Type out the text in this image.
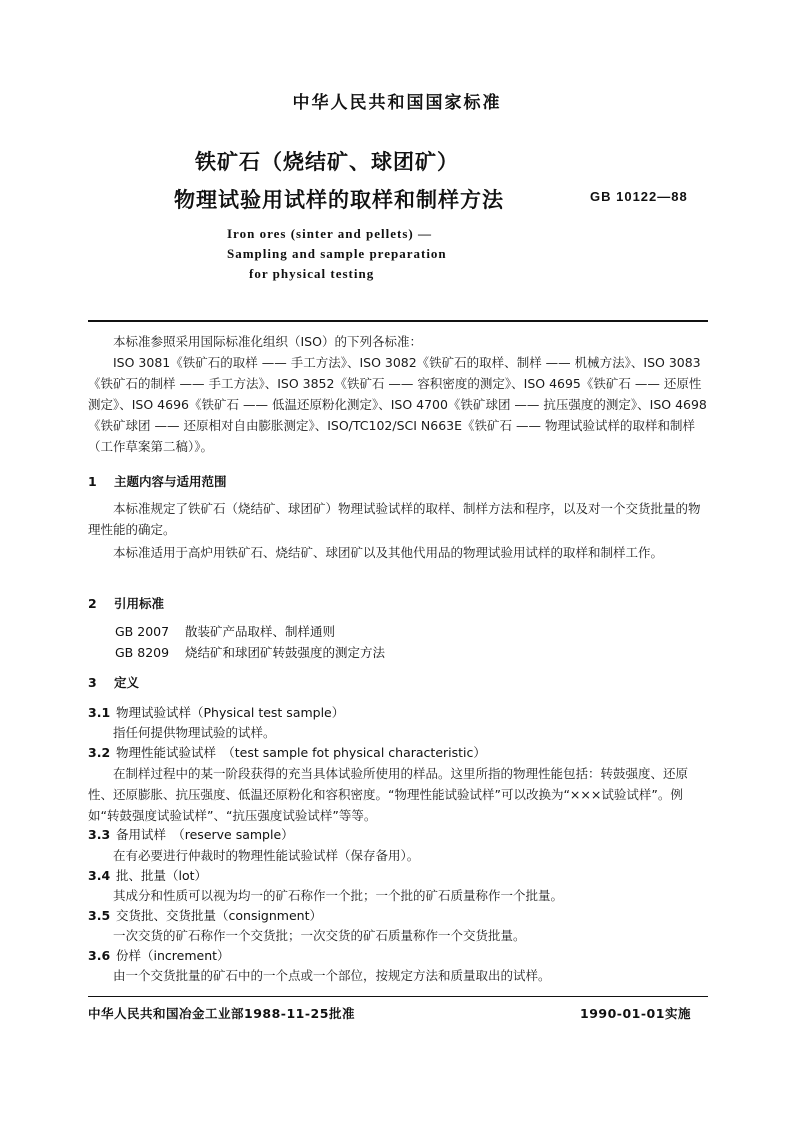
中华人民共和国国家标准
铁矿石（烧结矿、球团矿）
物理试验用试样的取样和制样方法	GB 10122—88
Iron ores (sinter and pellets) —
Sampling and sample preparation
for physical testing
本标准参照采用国际标准化组织（ISO）的下列各标准：
ISO 3081《铁矿石的取样 —— 手工方法》、ISO 3082《铁矿石的取样、制样 —— 机械方法》、ISO 3083《铁矿石的制样 —— 手工方法》、ISO 3852《铁矿石 —— 容积密度的测定》、ISO 4695《铁矿石 —— 还原性测定》、ISO 4696《铁矿石 —— 低温还原粉化测定》、ISO 4700《铁矿球团 —— 抗压强度的测定》、ISO 4698《铁矿球团 —— 还原相对自由膨胀测定》、ISO/TC102/SCI N663E《铁矿石 —— 物理试验试样的取样和制样（工作草案第二稿）》。
1 主题内容与适用范围
本标准规定了铁矿石（烧结矿、球团矿）物理试验试样的取样、制样方法和程序，以及对一个交货批量的物理性能的确定。
本标准适用于高炉用铁矿石、烧结矿、球团矿以及其他代用品的物理试验用试样的取样和制样工作。
2 引用标准
GB 2007 散装矿产品取样、制样通则
GB 8209 烧结矿和球团矿转鼓强度的测定方法
3 定义
3.1 物理试验试样（Physical test sample）
指任何提供物理试验的试样。
3.2 物理性能试验试样　（test sample fot physical characteristic）
在制样过程中的某一阶段获得的充当具体试验所使用的样品。这里所指的物理性能包括：转鼓强度、还原性、还原膨胀、抗压强度、低温还原粉化和容积密度。“物理性能试验试样”可以改换为“×××试验试样”。例如“转鼓强度试验试样”、“抗压强度试验试样”等等。
3.3 备用试样　（reserve sample）
在有必要进行仲裁时的物理性能试验试样（保存备用）。
3.4 批、批量（lot）
其成分和性质可以视为均一的矿石称作一个批；一个批的矿石质量称作一个批量。
3.5 交货批、交货批量（consignment）
一次交货的矿石称作一个交货批；一次交货的矿石质量称作一个交货批量。
3.6 份样（increment）
由一个交货批量的矿石中的一个点或一个部位，按规定方法和质量取出的试样。
中华人民共和国冶金工业部1988-11-25批准	1990-01-01实施
